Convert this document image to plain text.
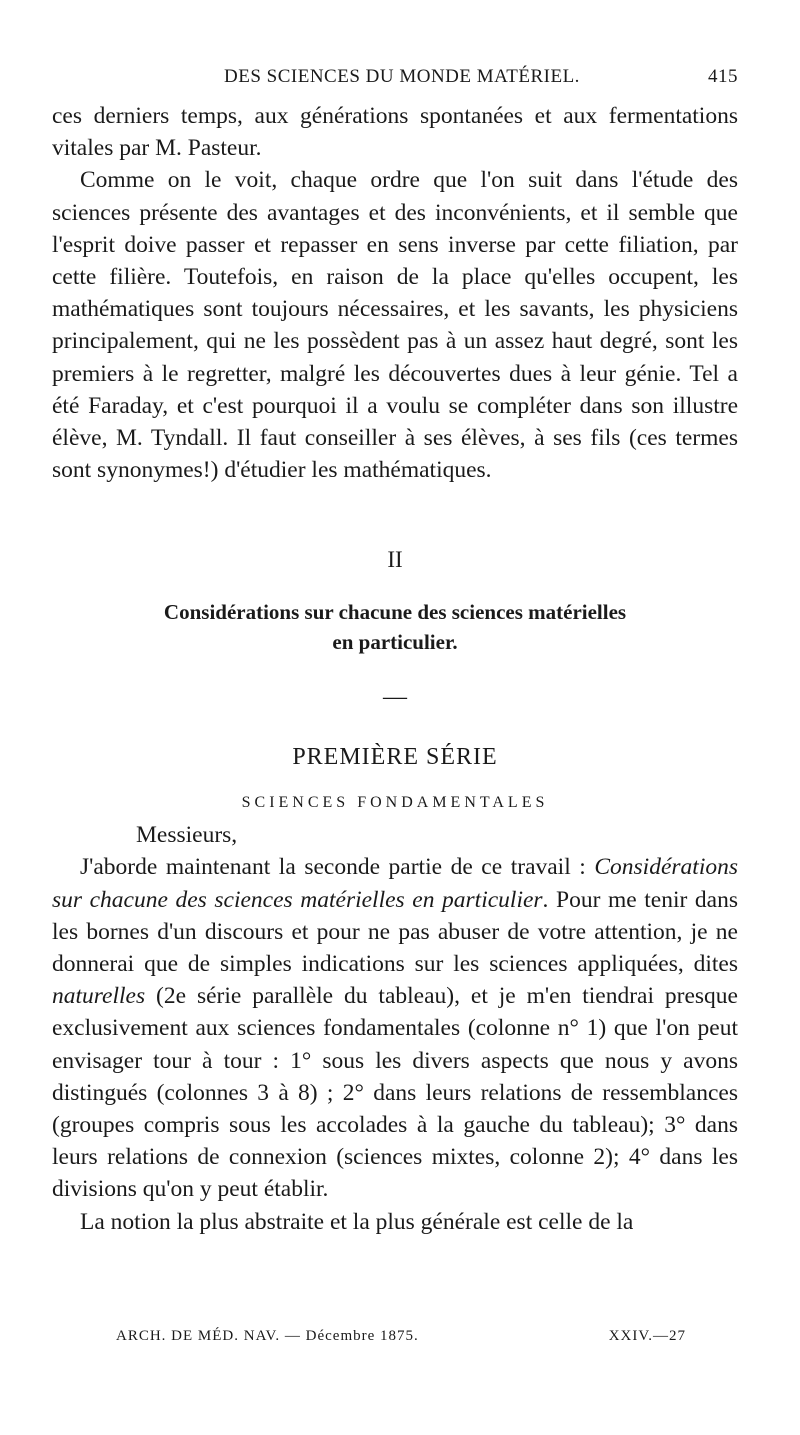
DES SCIENCES DU MONDE MATÉRIEL.	415

ces derniers temps, aux générations spontanées et aux fermentations vitales par M. Pasteur.

Comme on le voit, chaque ordre que l'on suit dans l'étude des sciences présente des avantages et des inconvénients, et il semble que l'esprit doive passer et repasser en sens inverse par cette filiation, par cette filière. Toutefois, en raison de la place qu'elles occupent, les mathématiques sont toujours nécessaires, et les savants, les physiciens principalement, qui ne les possèdent pas à un assez haut degré, sont les premiers à le regretter, malgré les découvertes dues à leur génie. Tel a été Faraday, et c'est pourquoi il a voulu se compléter dans son illustre élève, M. Tyndall. Il faut conseiller à ses élèves, à ses fils (ces termes sont synonymes!) d'étudier les mathématiques.

II
Considérations sur chacune des sciences matérielles
en particulier.
—
PREMIÈRE SÉRIE
SCIENCES FONDAMENTALES

Messieurs,

J'aborde maintenant la seconde partie de ce travail : Considérations sur chacune des sciences matérielles en particulier. Pour me tenir dans les bornes d'un discours et pour ne pas abuser de votre attention, je ne donnerai que de simples indications sur les sciences appliquées, dites naturelles (2e série parallèle du tableau), et je m'en tiendrai presque exclusivement aux sciences fondamentales (colonne n° 1) que l'on peut envisager tour à tour : 1° sous les divers aspects que nous y avons distingués (colonnes 3 à 8) ; 2° dans leurs relations de ressemblances (groupes compris sous les accolades à la gauche du tableau); 3° dans leurs relations de connexion (sciences mixtes, colonne 2); 4° dans les divisions qu'on y peut établir.

La notion la plus abstraite et la plus générale est celle de la

ARCH. DE MÉD. NAV. — Décembre 1875.	XXIV.—27
